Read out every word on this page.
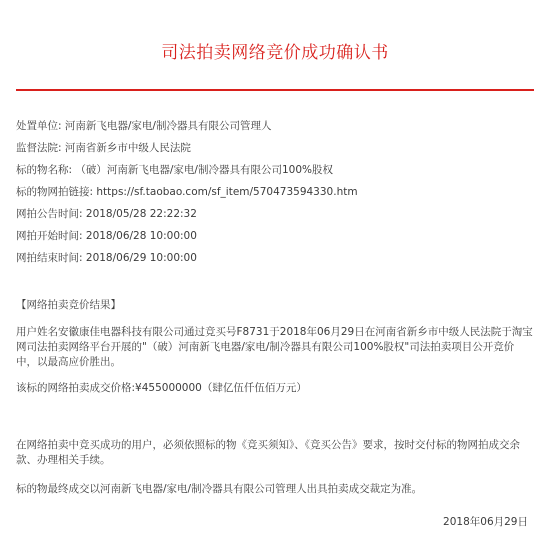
司法拍卖网络竞价成功确认书
处置单位: 河南新飞电器/家电/制冷器具有限公司管理人
监督法院: 河南省新乡市中级人民法院
标的物名称: （破）河南新飞电器/家电/制冷器具有限公司100%股权
标的物网拍链接: https://sf.taobao.com/sf_item/570473594330.htm
网拍公告时间: 2018/05/28 22:22:32
网拍开始时间: 2018/06/28 10:00:00
网拍结束时间: 2018/06/29 10:00:00
【网络拍卖竞价结果】

用户姓名安徽康佳电器科技有限公司通过竞买号F8731于2018年06月29日在河南省新乡市中级人民法院于淘宝网司法拍卖网络平台开展的"（破）河南新飞电器/家电/制冷器具有限公司100%股权"司法拍卖项目公开竞价中，以最高应价胜出。

该标的网络拍卖成交价格:¥455000000（肆亿伍仟伍佰万元）

在网络拍卖中竞买成功的用户，必须依照标的物《竞买须知》、《竞买公告》要求，按时交付标的物网拍成交余款、办理相关手续。

标的物最终成交以河南新飞电器/家电/制冷器具有限公司管理人出具拍卖成交裁定为准。

2018年06月29日
